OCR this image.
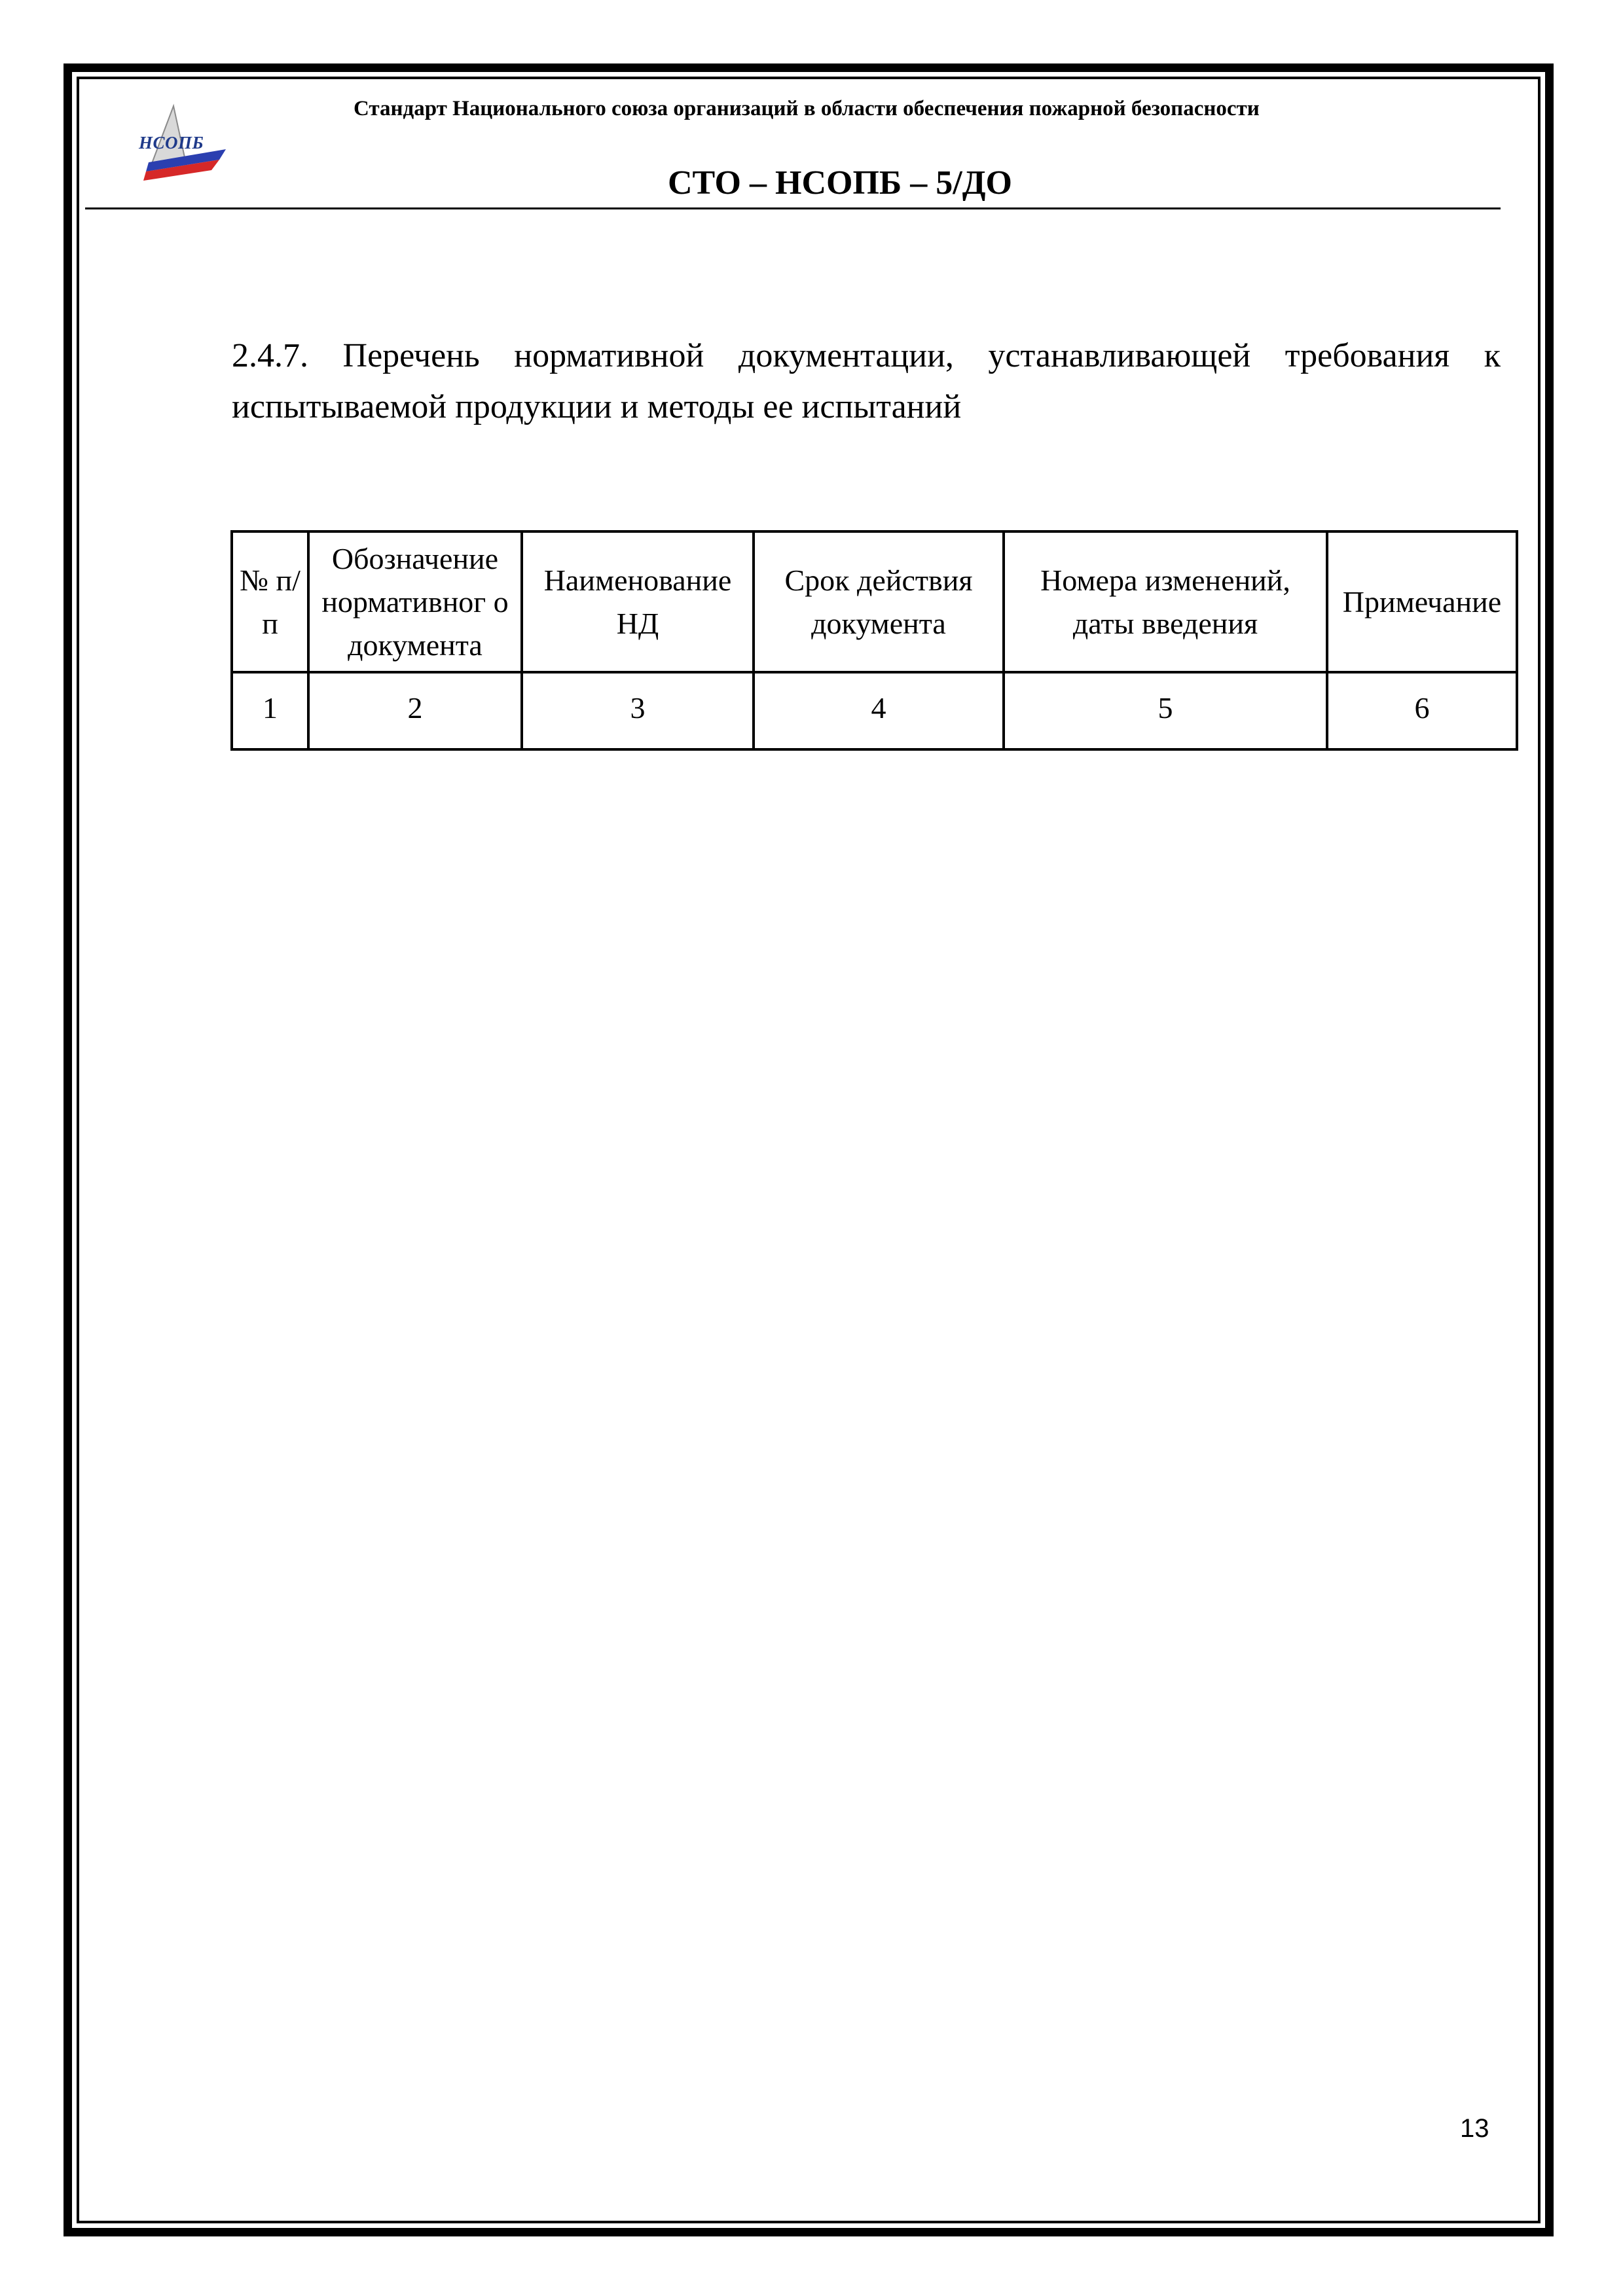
НСОПБ
Стандарт Национального союза организаций в области обеспечения пожарной безопасности
СТО – НСОПБ – 5/ДО
2.4.7. Перечень нормативной документации, устанавливающей требования к испытываемой продукции и методы ее испытаний
№ п/п	Обозначение нормативног о документа	Наименование НД	Срок действия документа	Номера изменений, даты введения	Примечание
1	2	3	4	5	6
13
